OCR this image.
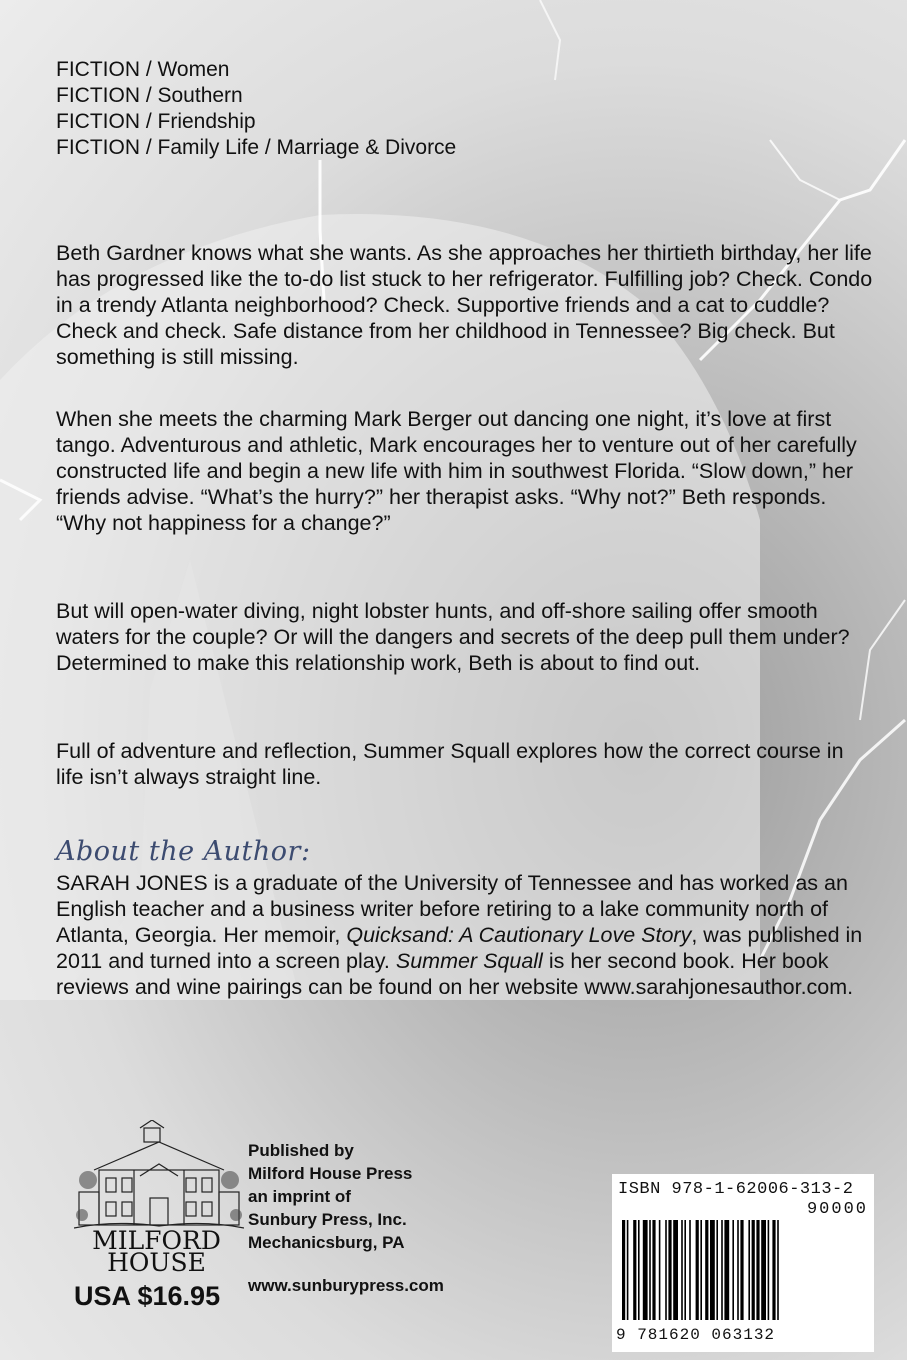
FICTION / Women
FICTION / Southern
FICTION / Friendship
FICTION / Family Life / Marriage & Divorce

Beth Gardner knows what she wants. As she approaches her thirtieth birthday, her life has progressed like the to-do list stuck to her refrigerator. Fulfilling job? Check. Condo in a trendy Atlanta neighborhood? Check. Supportive friends and a cat to cuddle? Check and check. Safe distance from her childhood in Tennessee? Big check. But something is still missing.

When she meets the charming Mark Berger out dancing one night, it’s love at first tango. Adventurous and athletic, Mark encourages her to venture out of her carefully constructed life and begin a new life with him in southwest Florida. “Slow down,” her friends advise. “What’s the hurry?” her therapist asks. “Why not?” Beth responds. “Why not happiness for a change?”

But will open-water diving, night lobster hunts, and off-shore sailing offer smooth waters for the couple? Or will the dangers and secrets of the deep pull them under? Determined to make this relationship work, Beth is about to find out.

Full of adventure and reflection, Summer Squall explores how the correct course in life isn’t always straight line.

About the Author:

SARAH JONES is a graduate of the University of Tennessee and has worked as an English teacher and a business writer before retiring to a lake community north of Atlanta, Georgia. Her memoir, Quicksand: A Cautionary Love Story, was published in 2011 and turned into a screen play. Summer Squall is her second book. Her book reviews and wine pairings can be found on her website www.sarahjonesauthor.com.

MILFORD
HOUSE
USA $16.95
Published by
Milford House Press
an imprint of
Sunbury Press, Inc.
Mechanicsburg, PA
www.sunburypress.com
ISBN 978-1-62006-313-2
90000
9 781620 063132
